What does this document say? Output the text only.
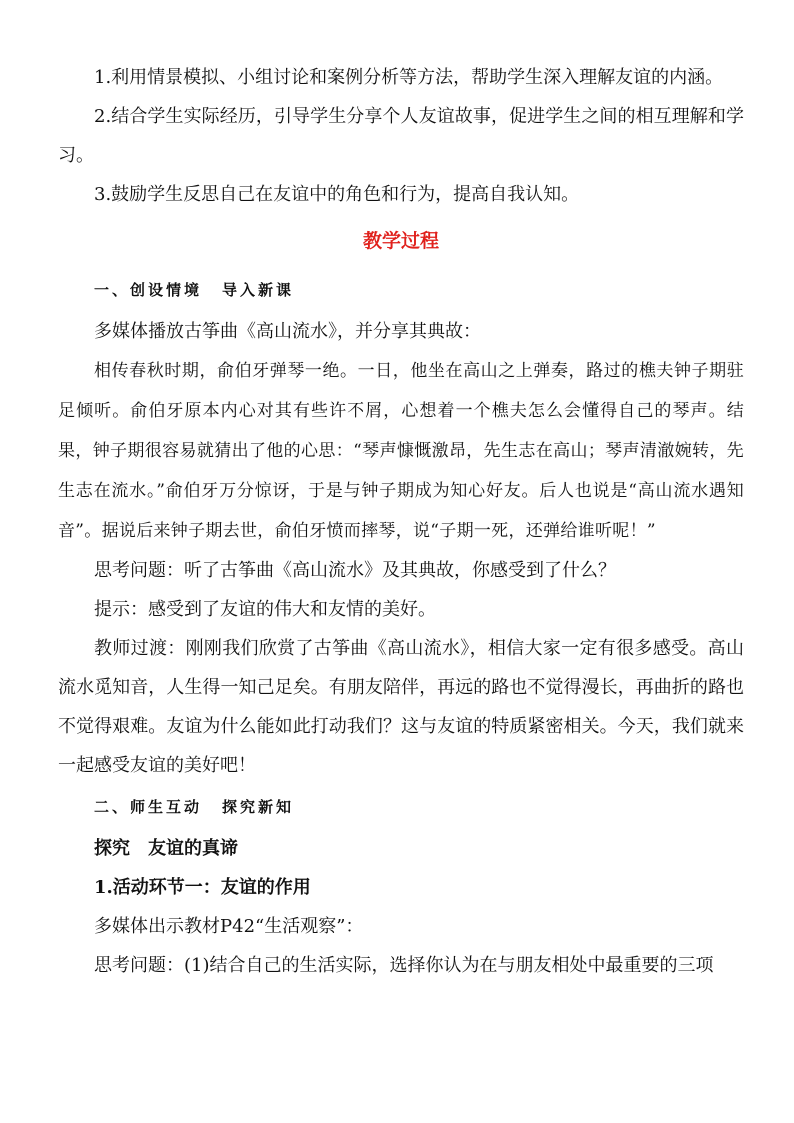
1.利用情景模拟、小组讨论和案例分析等方法，帮助学生深入理解友谊的内涵。

2.结合学生实际经历，引导学生分享个人友谊故事，促进学生之间的相互理解和学习。

3.鼓励学生反思自己在友谊中的角色和行为，提高自我认知。

教学过程

一、创设情境 导入新课

多媒体播放古筝曲《高山流水》，并分享其典故：

相传春秋时期，俞伯牙弹琴一绝。一日，他坐在高山之上弹奏，路过的樵夫钟子期驻足倾听。俞伯牙原本内心对其有些许不屑，心想着一个樵夫怎么会懂得自己的琴声。结果，钟子期很容易就猜出了他的心思：“琴声慷慨激昂，先生志在高山；琴声清澈婉转，先生志在流水。”俞伯牙万分惊讶，于是与钟子期成为知心好友。后人也说是“高山流水遇知音”。据说后来钟子期去世，俞伯牙愤而摔琴，说“子期一死，还弹给谁听呢！”

思考问题：听了古筝曲《高山流水》及其典故，你感受到了什么？

提示：感受到了友谊的伟大和友情的美好。

教师过渡：刚刚我们欣赏了古筝曲《高山流水》，相信大家一定有很多感受。高山流水觅知音，人生得一知己足矣。有朋友陪伴，再远的路也不觉得漫长，再曲折的路也不觉得艰难。友谊为什么能如此打动我们？这与友谊的特质紧密相关。今天，我们就来一起感受友谊的美好吧！

二、师生互动 探究新知

探究 友谊的真谛

1.活动环节一：友谊的作用

多媒体出示教材P42“生活观察”：

思考问题：(1)结合自己的生活实际，选择你认为在与朋友相处中最重要的三项
